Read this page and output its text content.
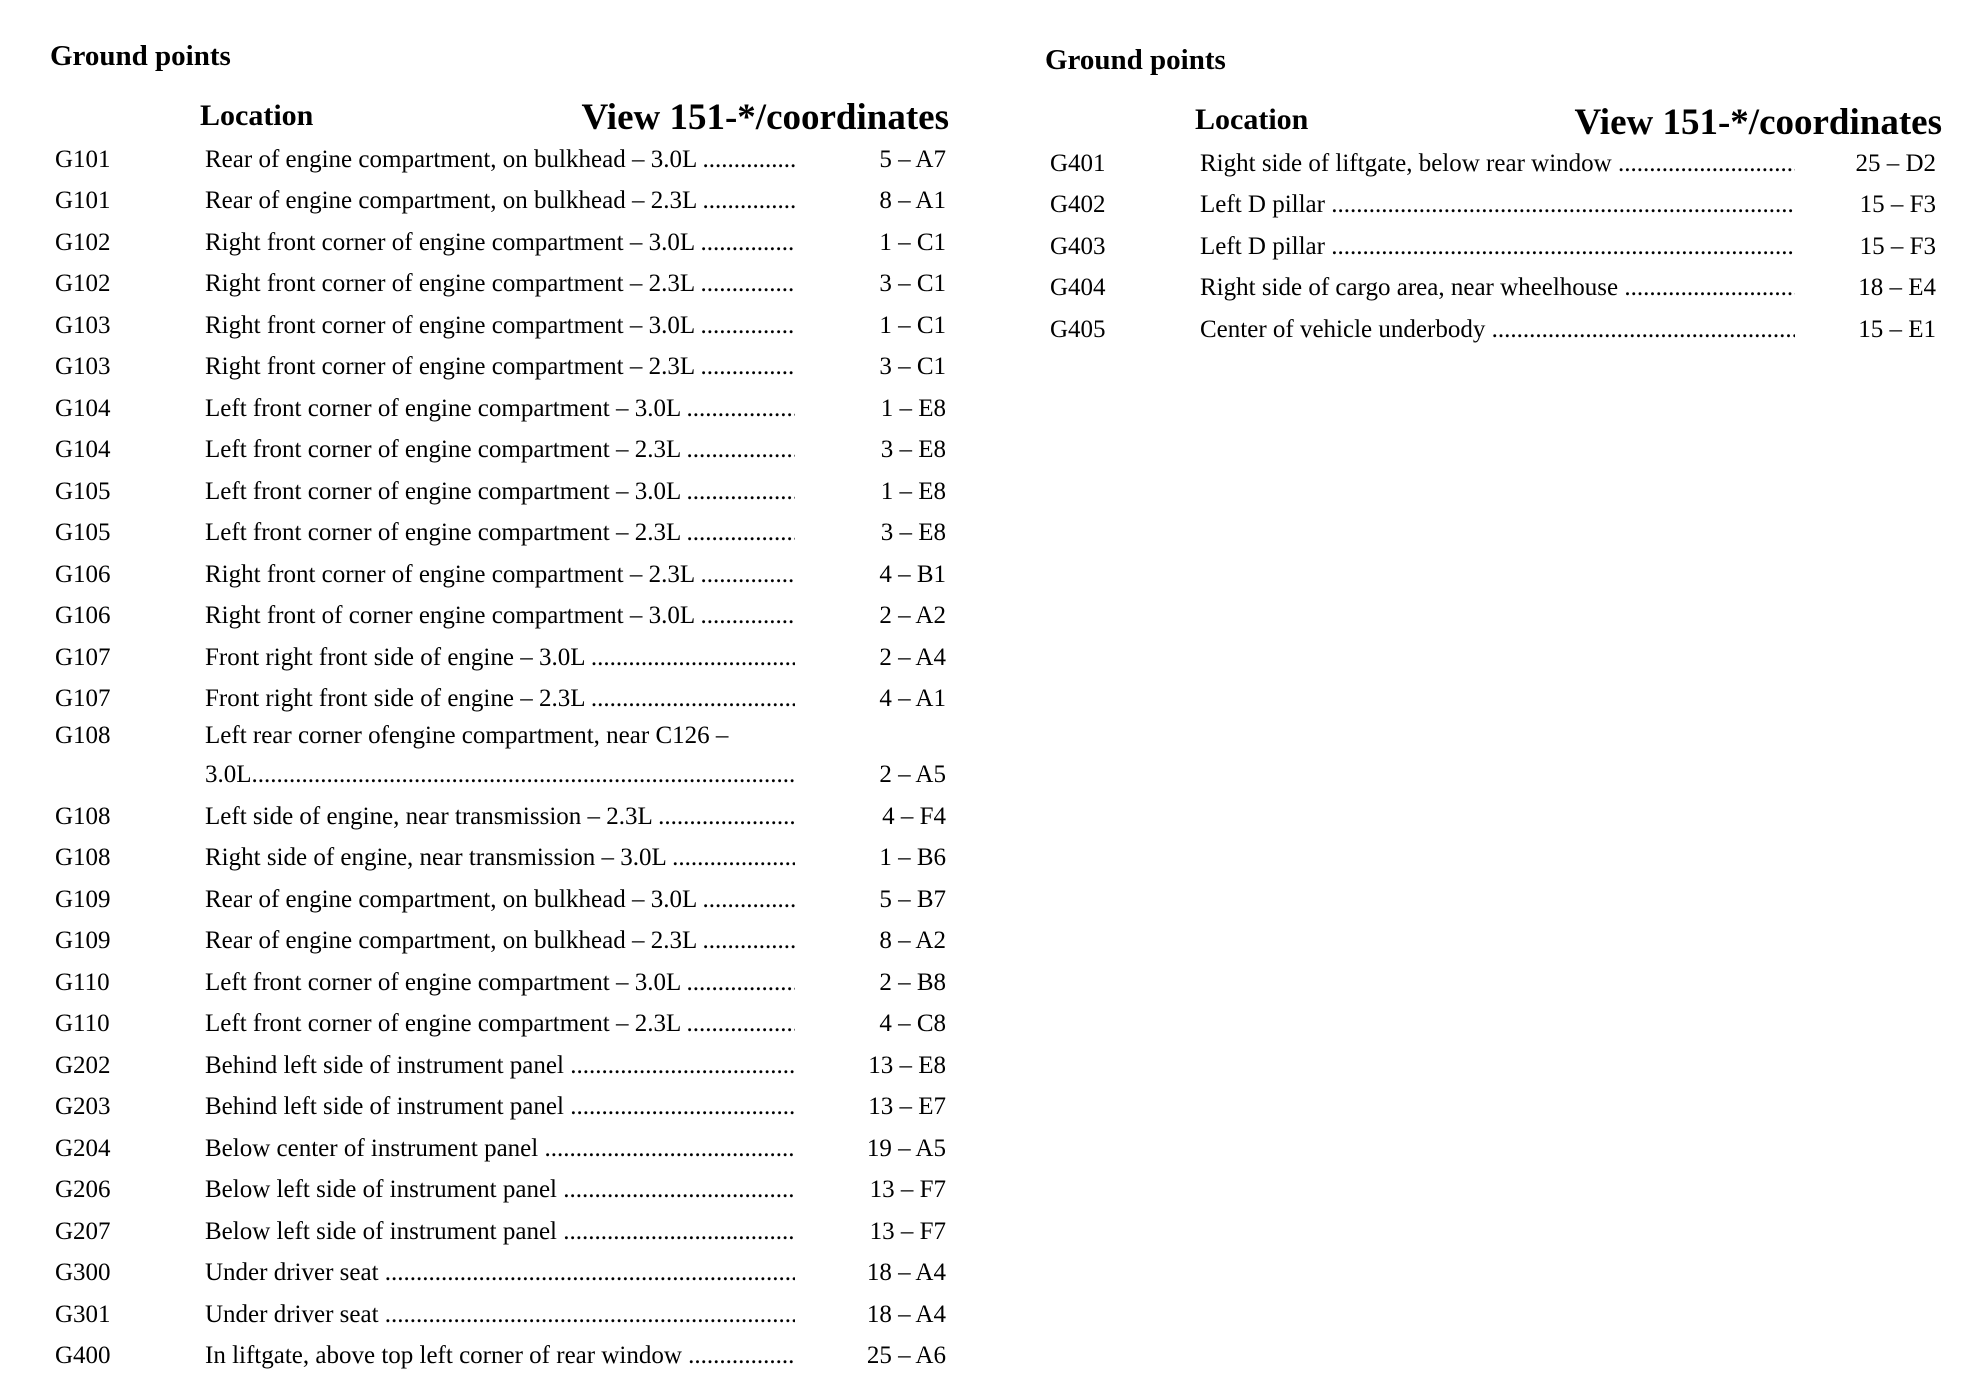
Ground points
Location	View 151-*/coordinates
G101	Rear of engine compartment, on bulkhead – 3.0L .....	5 – A7
G101	Rear of engine compartment, on bulkhead – 2.3L .....	8 – A1
G102	Right front corner of engine compartment – 3.0L .....	1 – C1
G102	Right front corner of engine compartment – 2.3L .....	3 – C1
G103	Right front corner of engine compartment – 3.0L .....	1 – C1
G103	Right front corner of engine compartment – 2.3L .....	3 – C1
G104	Left front corner of engine compartment – 3.0L .....	1 – E8
G104	Left front corner of engine compartment – 2.3L .....	3 – E8
G105	Left front corner of engine compartment – 3.0L .....	1 – E8
G105	Left front corner of engine compartment – 2.3L .....	3 – E8
G106	Right front corner of engine compartment – 2.3L .....	4 – B1
G106	Right front of corner engine compartment – 3.0L .....	2 – A2
G107	Front right front side of engine – 3.0L .....	2 – A4
G107	Front right front side of engine – 2.3L .....	4 – A1
G108	Left rear corner ofengine compartment, near C126 –
3.0L .....	2 – A5
G108	Left side of engine, near transmission – 2.3L .....	4 – F4
G108	Right side of engine, near transmission – 3.0L .....	1 – B6
G109	Rear of engine compartment, on bulkhead – 3.0L .....	5 – B7
G109	Rear of engine compartment, on bulkhead – 2.3L .....	8 – A2
G110	Left front corner of engine compartment – 3.0L .....	2 – B8
G110	Left front corner of engine compartment – 2.3L .....	4 – C8
G202	Behind left side of instrument panel .....	13 – E8
G203	Behind left side of instrument panel .....	13 – E7
G204	Below center of instrument panel .....	19 – A5
G206	Below left side of instrument panel .....	13 – F7
G207	Below left side of instrument panel .....	13 – F7
G300	Under driver seat .....	18 – A4
G301	Under driver seat .....	18 – A4
G400	In liftgate, above top left corner of rear window .....	25 – A6
Ground points
Location	View 151-*/coordinates
G401	Right side of liftgate, below rear window .....	25 – D2
G402	Left D pillar .....	15 – F3
G403	Left D pillar .....	15 – F3
G404	Right side of cargo area, near wheelhouse .....	18 – E4
G405	Center of vehicle underbody .....	15 – E1
